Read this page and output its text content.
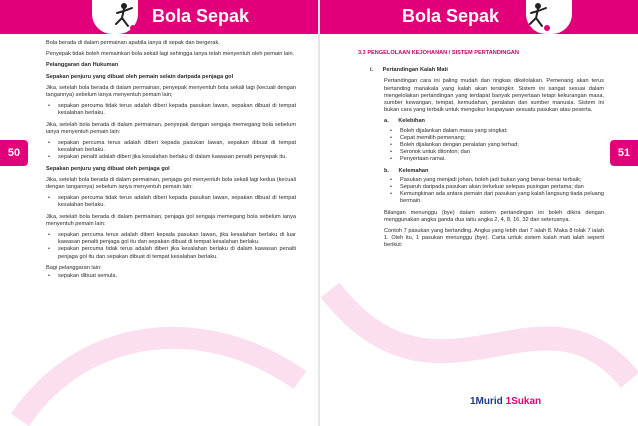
Bola Sepak
50

Bola berada di dalam permainan apabila ianya di sepak dan bergerak.

Penyepak tidak boleh memainkan bola sekali lagi sehingga ianya telah menyentuh oleh pemain lain.

Pelanggaran dan Hukuman

Sepakan penjuru yang dibuat oleh pemain selain daripada penjaga gol

Jika, setelah bola berada di dalam permainan, penyepak menyentuh bola sekali lagi (kecuali dengan tangannya) sebelum ianya menyentuh pemain lain;

• sepakan percuma tidak terus adalah diberi kepada pasukan lawan, sepakan dibuat di tempat kesalahan berlaku.

Jika, setelah bola berada di dalam permainan, penyepak dengan sengaja memegang bola sebelum ianya menyentuh pemain lain:

• sepakan percuma terus adalah diberi kepada pasukan lawan, sepakan dibuat di tempat kesalahan berlaku.
• sepakan penalti adalah diberi jika kesalahan berlaku di dalam kawasan penalti penyepak itu.

Sepakan penjuru yang dibuat oleh penjaga gol

Jika, setelah bola berada di dalam permainan, penjaga gol menyentuh bola sekali lagi kedua (kecuali dengan tangannya) sebelum ianya menyentuh pemain lain:

• sepakan percuma tidak terus adalah diberi kepada pasukan lawan, sepakan dibuat di tempat kesalahan berlaku.

Jika, setelah bola berada di dalam permainan, penjaga gol sengaja memegang bola sebelum ianya menyentuh pemain lain:

• sepakan percuma terus adalah diberi kepada pasukan lawan, jika kesalahan berlaku di luar kawasan penalti penjaga gol itu dan sepakan dibuat di tempat kesalahan berlaku.
• sepakan percuma tidak terus adalah diberi jika kesalahan berlaku di dalam kawasan penalti penjaga gol itu dan sepakan dibuat di tempat kesalahan berlaku.

Bagi pelanggaran lain:

• sepakan dibuat semula.
Bola Sepak
51
3.3 PENGELOLAAN KEJOHANAN / SISTEM PERTANDINGAN
i. Pertandingan Kalah Mati

Pertandingan cara ini paling mudah dan ringkas dikelolakan. Pemenang akan terus bertanding manakala yang kalah akan tersingkir. Sistem ini sangat sesuai dalam mengelolakan pertandingan yang terdapat banyak penyertaan tetapi kekurangan masa, sumber kewangan, tempat, kemudahan, peralatan dan sumber manusia. Sistem ini bukan cara yang terbaik untuk mengukur keupayaan sesuatu pasukan atau peserta.

a. Kelebihan
• Boleh dijalankan dalam masa yang singkat;
• Cepat memilih pemenang;
• Boleh dijalankan dengan peralatan yang terhad;
• Seronok untuk ditonton; dan
• Penyertaan ramai.
b. Kelemahan
• Pasukan yang menjadi johan, boleh jadi bukan yang benar-benar terbaik;
• Separuh daripada pasukan akan terkeluar selepas pusingan pertama; dan
• Kemungkinan ada antara pemain dari pasukan yang kalah langsung tiada peluang bermain.

Bilangan menunggu (bye) dalam sistem pertandingan ini boleh dikira dengan menggunakan angka ganda dua iaitu angka 2, 4, 8, 16, 32 dan seterusnya.

Contoh 7 pasukan yang bertanding. Angka yang lebih dari 7 ialah 8. Maka 8 tolak 7 ialah 1. Oleh itu, 1 pasukan menunggu (bye). Carta untuk sistem kalah mati ialah seperti berikut:

1Murid 1Sukan
